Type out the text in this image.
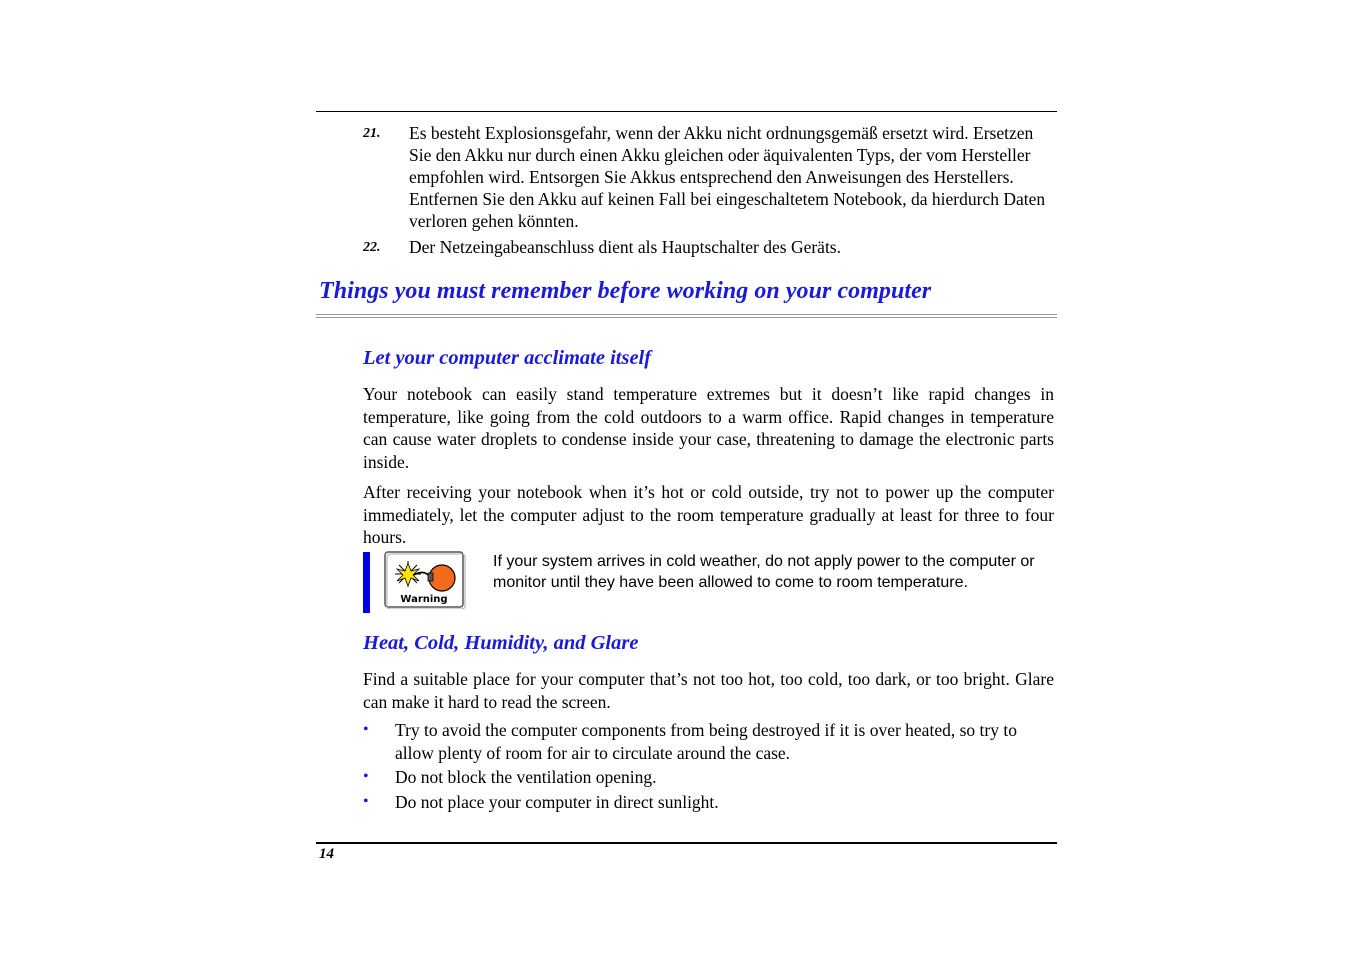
21. Es besteht Explosionsgefahr, wenn der Akku nicht ordnungsgemäß ersetzt wird. Ersetzen Sie den Akku nur durch einen Akku gleichen oder äquivalenten Typs, der vom Hersteller empfohlen wird. Entsorgen Sie Akkus entsprechend den Anweisungen des Herstellers. Entfernen Sie den Akku auf keinen Fall bei eingeschaltetem Notebook, da hierdurch Daten verloren gehen könnten.
22. Der Netzeingabeanschluss dient als Hauptschalter des Geräts.
Things you must remember before working on your computer
Let your computer acclimate itself
Your notebook can easily stand temperature extremes but it doesn’t like rapid changes in temperature, like going from the cold outdoors to a warm office. Rapid changes in temperature can cause water droplets to condense inside your case, threatening to damage the electronic parts inside.
After receiving your notebook when it’s hot or cold outside, try not to power up the computer immediately, let the computer adjust to the room temperature gradually at least for three to four hours.
Warning
If your system arrives in cold weather, do not apply power to the computer or monitor until they have been allowed to come to room temperature.
Heat, Cold, Humidity, and Glare
Find a suitable place for your computer that’s not too hot, too cold, too dark, or too bright. Glare can make it hard to read the screen.
• Try to avoid the computer components from being destroyed if it is over heated, so try to allow plenty of room for air to circulate around the case.
• Do not block the ventilation opening.
• Do not place your computer in direct sunlight.
14
